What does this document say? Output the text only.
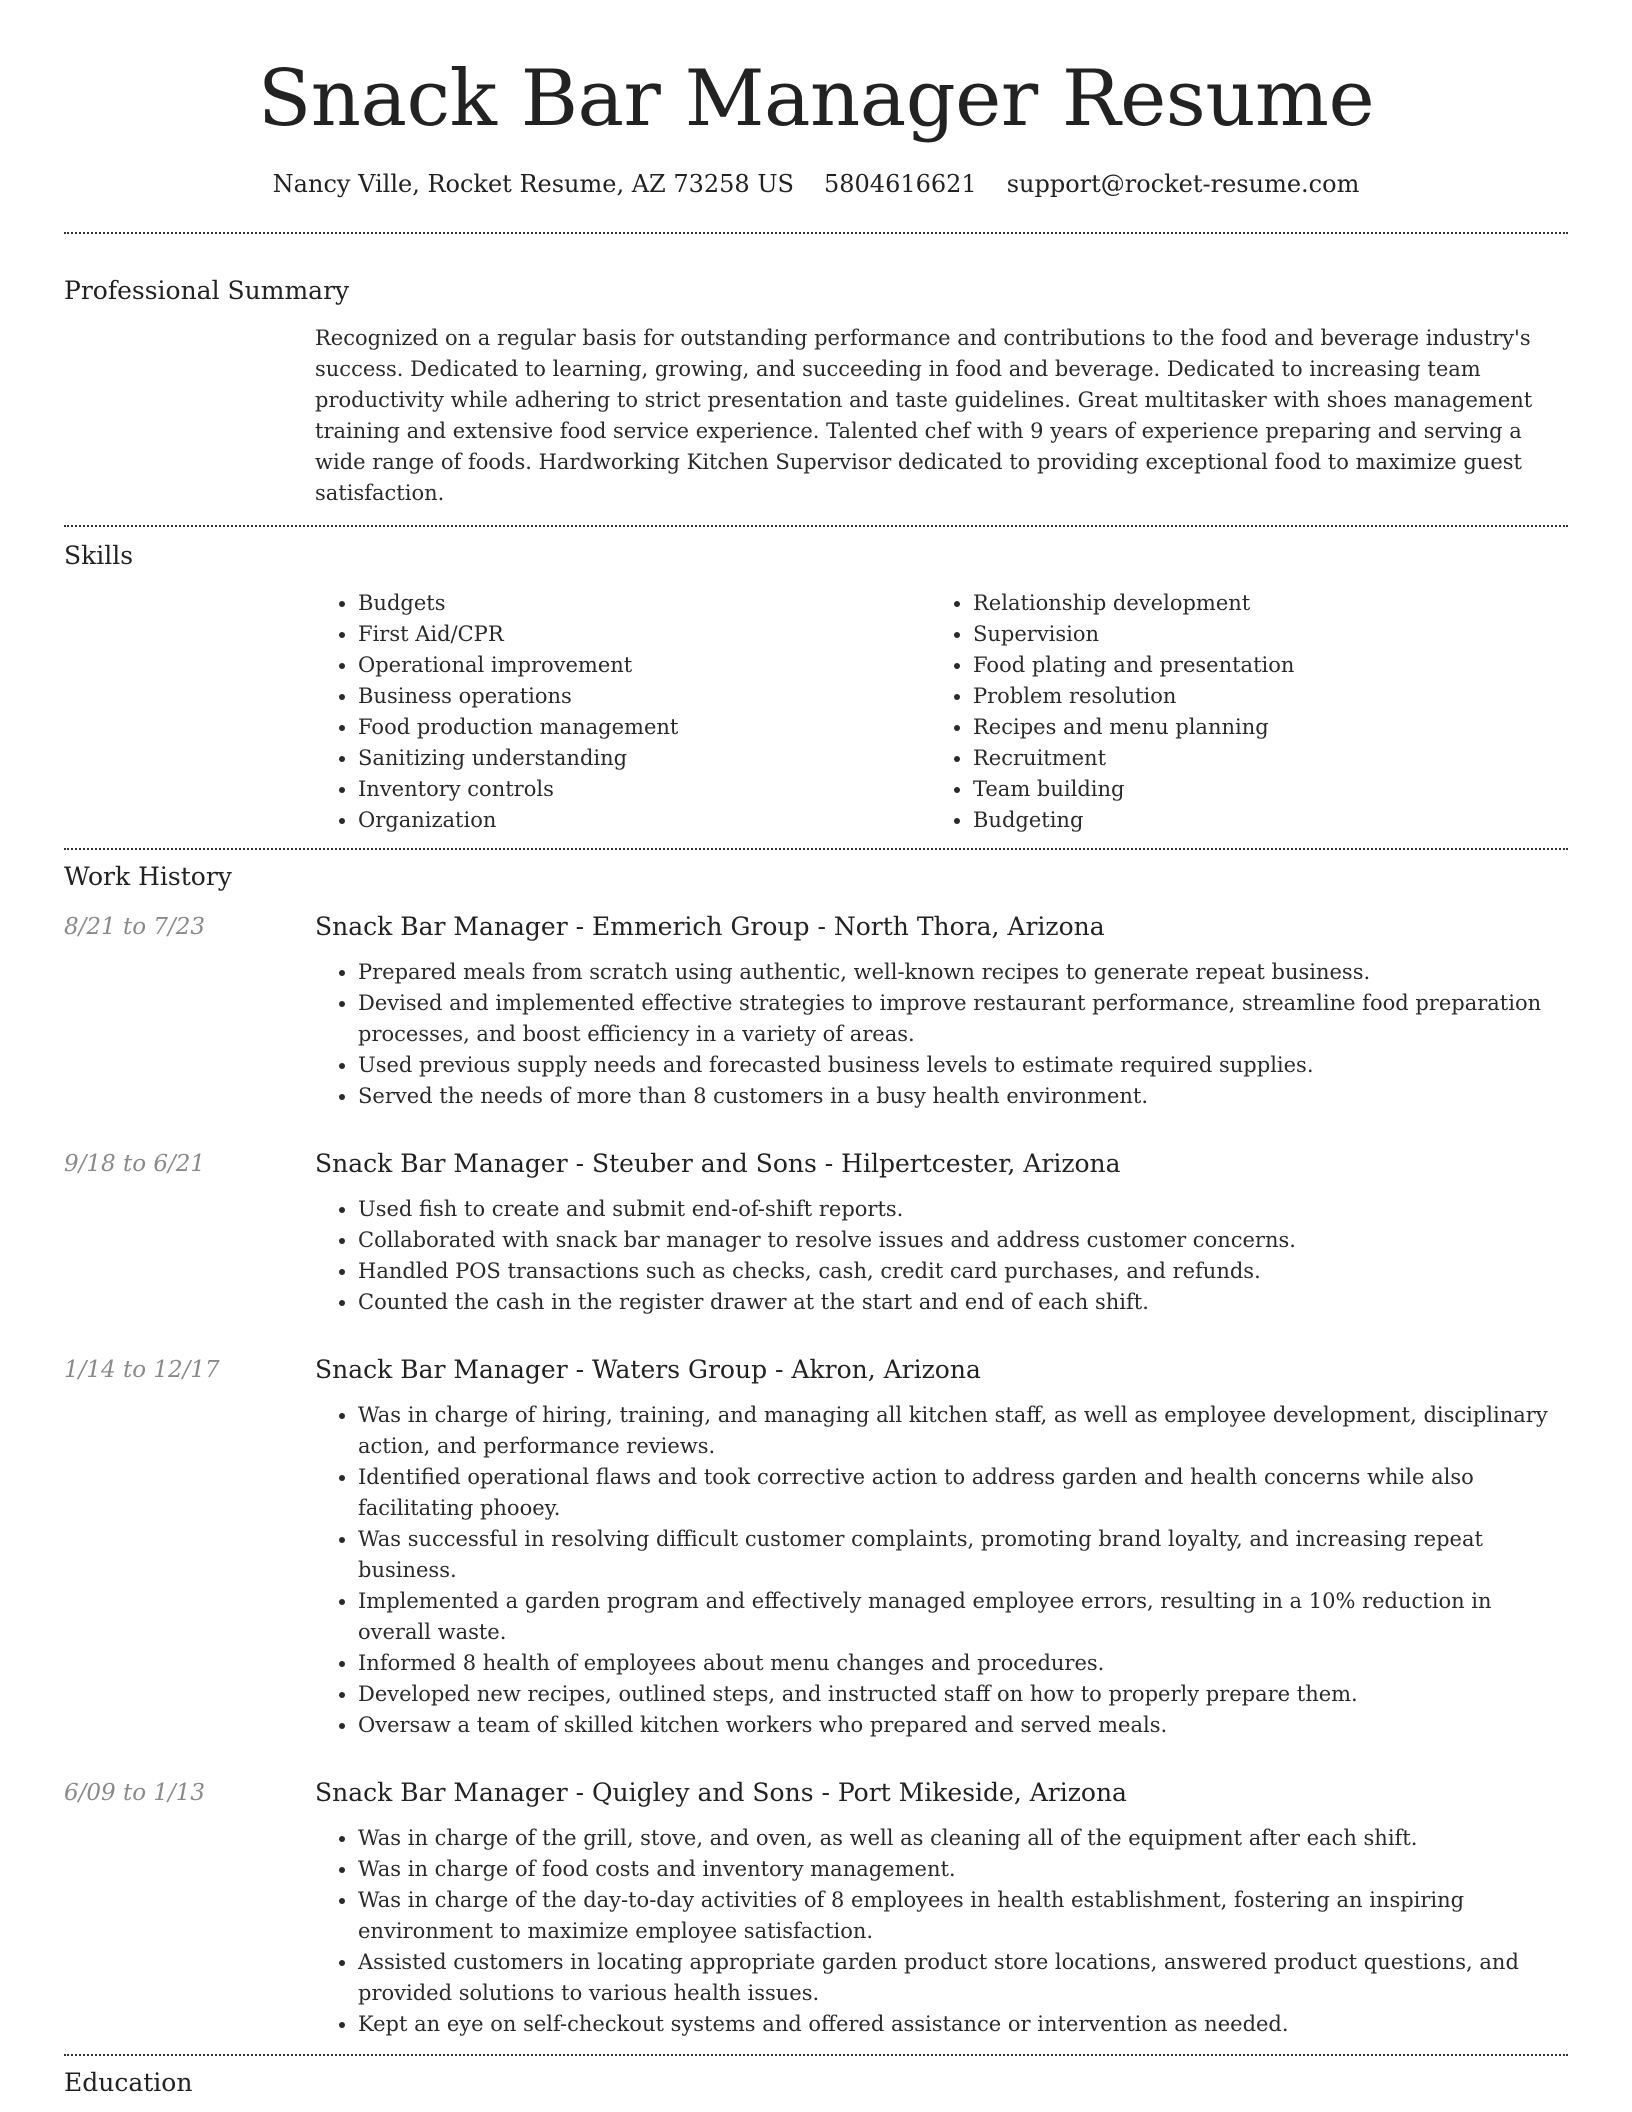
Snack Bar Manager Resume
Nancy Ville, Rocket Resume, AZ 73258 US 5804616621 support@rocket-resume.com
Professional Summary
Recognized on a regular basis for outstanding performance and contributions to the food and beverage industry's success. Dedicated to learning, growing, and succeeding in food and beverage. Dedicated to increasing team productivity while adhering to strict presentation and taste guidelines. Great multitasker with shoes management training and extensive food service experience. Talented chef with 9 years of experience preparing and serving a wide range of foods. Hardworking Kitchen Supervisor dedicated to providing exceptional food to maximize guest satisfaction.
Skills
• Budgets
• First Aid/CPR
• Operational improvement
• Business operations
• Food production management
• Sanitizing understanding
• Inventory controls
• Organization
• Relationship development
• Supervision
• Food plating and presentation
• Problem resolution
• Recipes and menu planning
• Recruitment
• Team building
• Budgeting
Work History
8/21 to 7/23	Snack Bar Manager - Emmerich Group - North Thora, Arizona
• Prepared meals from scratch using authentic, well-known recipes to generate repeat business.
• Devised and implemented effective strategies to improve restaurant performance, streamline food preparation processes, and boost efficiency in a variety of areas.
• Used previous supply needs and forecasted business levels to estimate required supplies.
• Served the needs of more than 8 customers in a busy health environment.
9/18 to 6/21	Snack Bar Manager - Steuber and Sons - Hilpertcester, Arizona
• Used fish to create and submit end-of-shift reports.
• Collaborated with snack bar manager to resolve issues and address customer concerns.
• Handled POS transactions such as checks, cash, credit card purchases, and refunds.
• Counted the cash in the register drawer at the start and end of each shift.
1/14 to 12/17	Snack Bar Manager - Waters Group - Akron, Arizona
• Was in charge of hiring, training, and managing all kitchen staff, as well as employee development, disciplinary action, and performance reviews.
• Identified operational flaws and took corrective action to address garden and health concerns while also facilitating phooey.
• Was successful in resolving difficult customer complaints, promoting brand loyalty, and increasing repeat business.
• Implemented a garden program and effectively managed employee errors, resulting in a 10% reduction in overall waste.
• Informed 8 health of employees about menu changes and procedures.
• Developed new recipes, outlined steps, and instructed staff on how to properly prepare them.
• Oversaw a team of skilled kitchen workers who prepared and served meals.
6/09 to 1/13	Snack Bar Manager - Quigley and Sons - Port Mikeside, Arizona
• Was in charge of the grill, stove, and oven, as well as cleaning all of the equipment after each shift.
• Was in charge of food costs and inventory management.
• Was in charge of the day-to-day activities of 8 employees in health establishment, fostering an inspiring environment to maximize employee satisfaction.
• Assisted customers in locating appropriate garden product store locations, answered product questions, and provided solutions to various health issues.
• Kept an eye on self-checkout systems and offered assistance or intervention as needed.
Education
